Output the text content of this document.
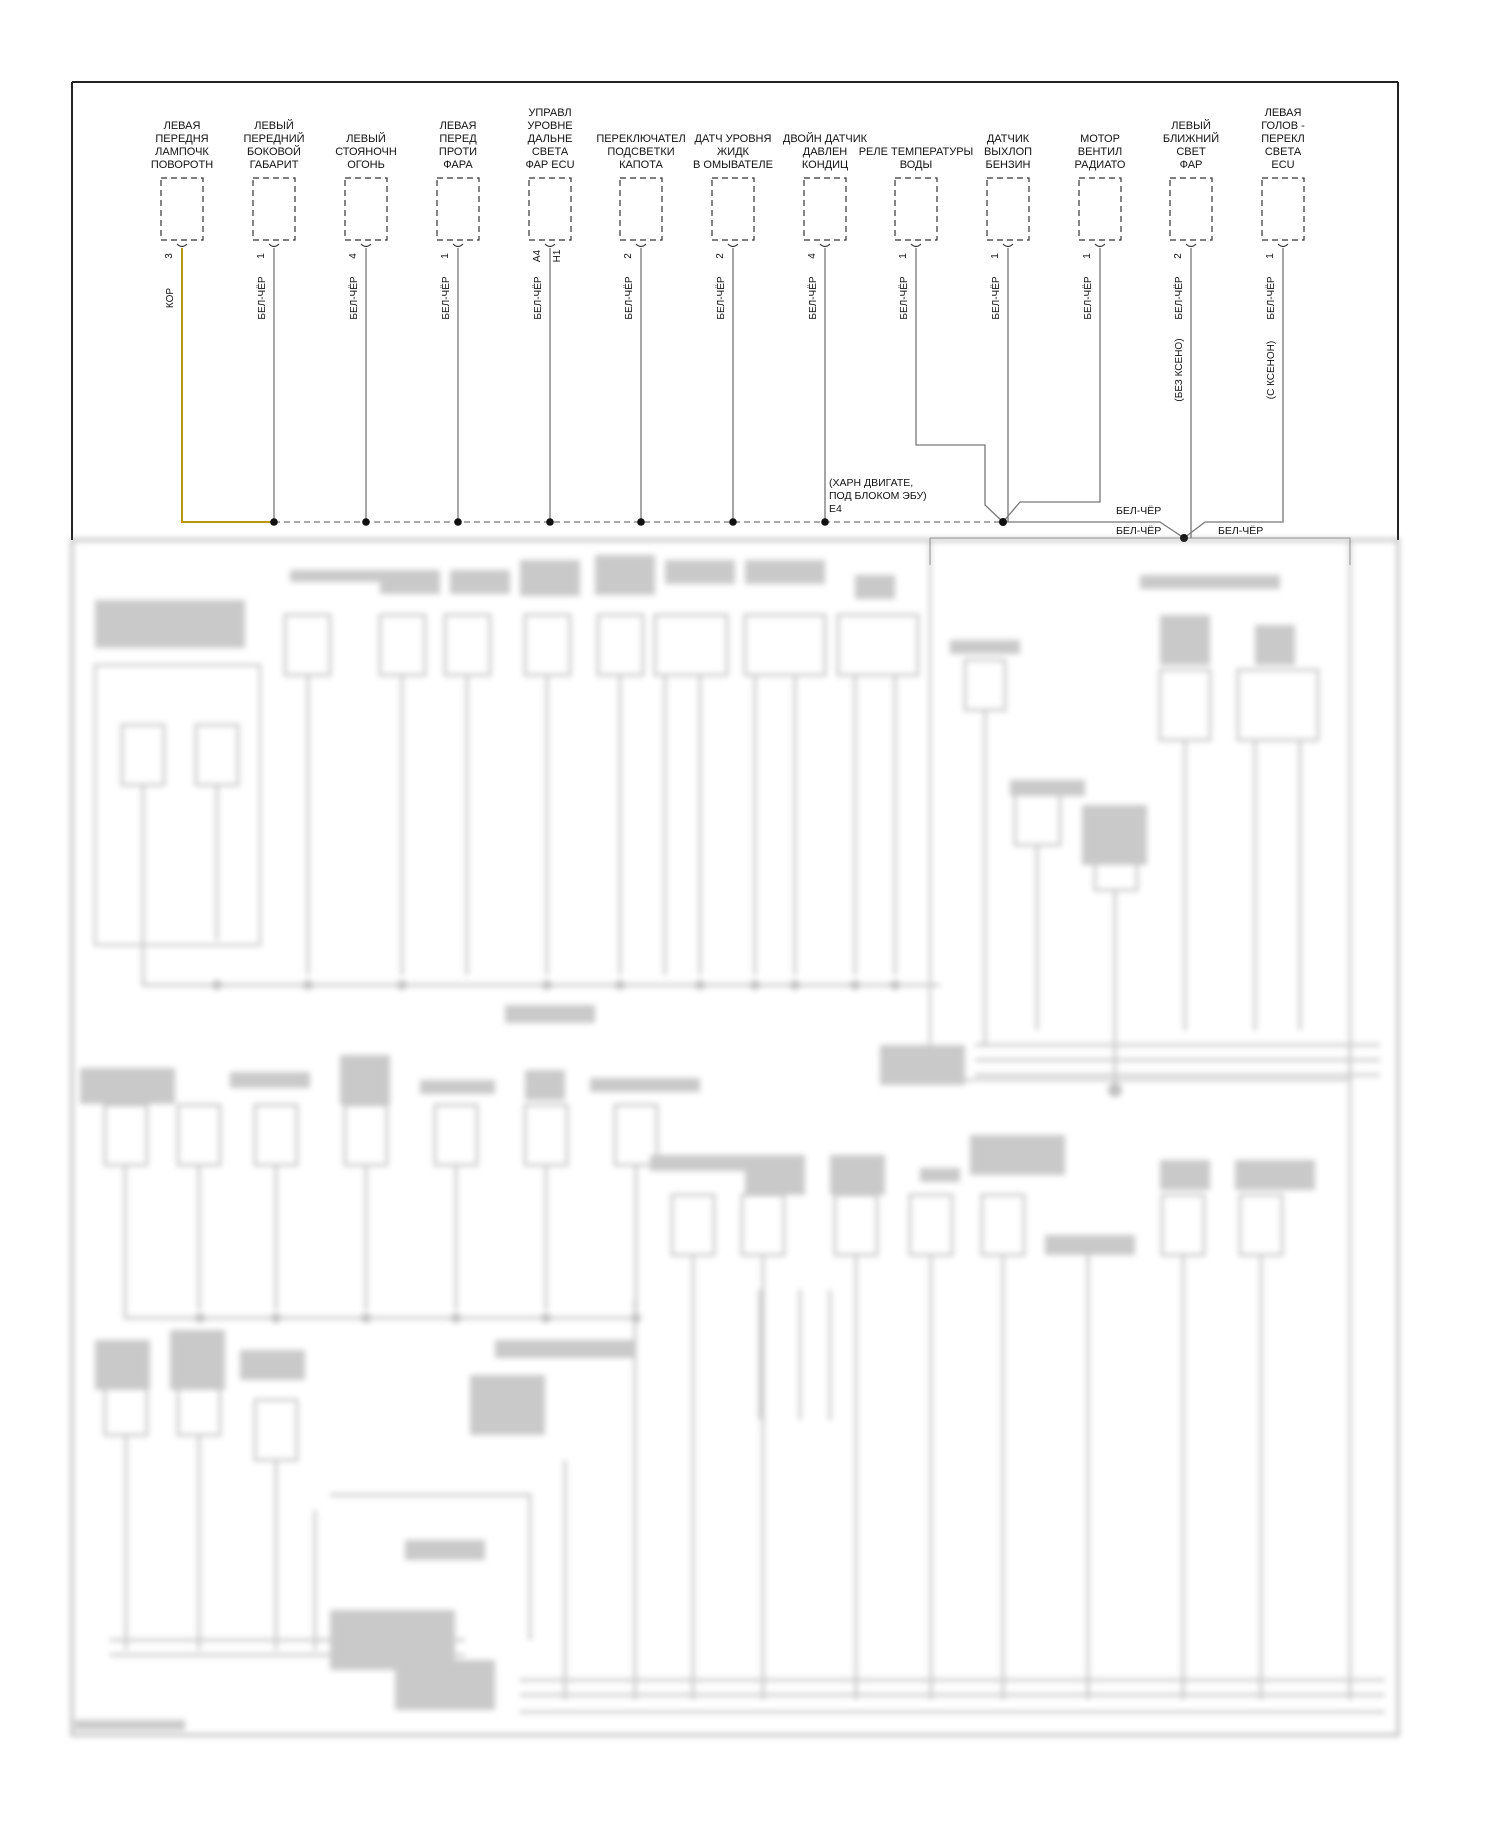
ЛЕВАЯ
ПЕРЕДНЯ
ЛАМПОЧК
ПОВОРОТН
3
КОР
ЛЕВЫЙ
ПЕРЕДНИЙ
БОКОВОЙ
ГАБАРИТ
1
БЕЛ-ЧЁР
ЛЕВЫЙ
СТОЯНОЧН
ОГОНЬ
4
БЕЛ-ЧЁР
ЛЕВАЯ
ПЕРЕД
ПРОТИ
ФАРА
1
БЕЛ-ЧЁР
УПРАВЛ
УРОВНЕ
ДАЛЬНЕ
СВЕТА
ФАР ECU
A4 H1
БЕЛ-ЧЁР
ПЕРЕКЛЮЧАТЕЛ
ПОДСВЕТКИ
КАПОТА
2
БЕЛ-ЧЁР
ДАТЧ УРОВНЯ
ЖИДК
В ОМЫВАТЕЛЕ
2
БЕЛ-ЧЁР
ДВОЙН ДАТЧИК
ДАВЛЕН
КОНДИЦ
4
БЕЛ-ЧЁР
РЕЛЕ ТЕМПЕРАТУРЫ
ВОДЫ
1
БЕЛ-ЧЁР
ДАТЧИК
ВЫХЛОП
БЕНЗИН
1
БЕЛ-ЧЁР
МОТОР
ВЕНТИЛ
РАДИАТО
1
БЕЛ-ЧЁР
ЛЕВЫЙ
БЛИЖНИЙ
СВЕТ
ФАР
2
БЕЛ-ЧЁР
(БЕЗ КСЕНО)
ЛЕВАЯ
ГОЛОВ -
ПЕРЕКЛ
СВЕТА
ECU
1
БЕЛ-ЧЁР
(С КСЕНОН)
(ХАРН ДВИГАТЕ,
ПОД БЛОКОМ ЭБУ)
E4	БЕЛ-ЧЁР
БЕЛ-ЧЁР	БЕЛ-ЧЁР
